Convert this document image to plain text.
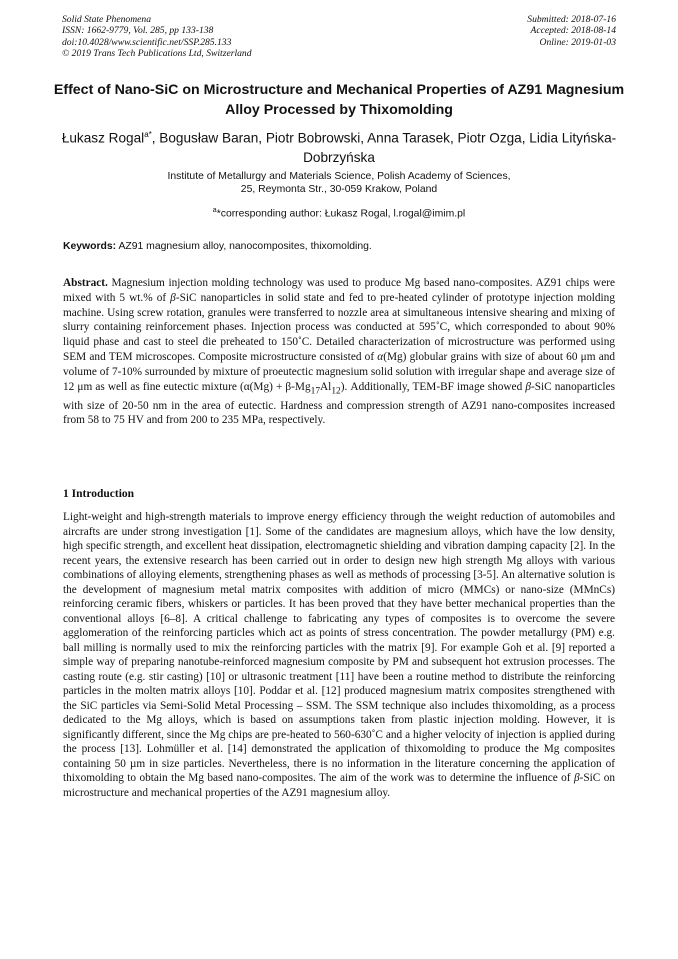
Solid State Phenomena
ISSN: 1662-9779, Vol. 285, pp 133-138
doi:10.4028/www.scientific.net/SSP.285.133
© 2019 Trans Tech Publications Ltd, Switzerland
Submitted: 2018-07-16
Accepted: 2018-08-14
Online: 2019-01-03
Effect of Nano-SiC on Microstructure and Mechanical Properties of AZ91 Magnesium Alloy Processed by Thixomolding
Łukasz Rogal$^{a*}$, Bogusław Baran, Piotr Bobrowski, Anna Tarasek, Piotr Ozga, Lidia Lityńska-Dobrzyńska
Institute of Metallurgy and Materials Science, Polish Academy of Sciences,
25, Reymonta Str., 30-059 Krakow, Poland
$^a$*corresponding author: Łukasz Rogal, l.rogal@imim.pl
Keywords: AZ91 magnesium alloy, nanocomposites, thixomolding.
Abstract. Magnesium injection molding technology was used to produce Mg based nano-composites. AZ91 chips were mixed with 5 wt.% of β-SiC nanoparticles in solid state and fed to pre-heated cylinder of prototype injection molding machine. Using screw rotation, granules were transferred to nozzle area at simultaneous intensive shearing and mixing of slurry containing reinforcement phases. Injection process was conducted at 595˚C, which corresponded to about 90% liquid phase and cast to steel die preheated to 150˚C. Detailed characterization of microstructure was performed using SEM and TEM microscopes. Composite microstructure consisted of α(Mg) globular grains with size of about 60 μm and volume of 7-10% surrounded by mixture of proeutectic magnesium solid solution with irregular shape and average size of 12 μm as well as fine eutectic mixture $(\alpha(Mg) + \beta-Mg_{17}Al_{12})$. Additionally, TEM-BF image showed β-SiC nanoparticles with size of 20-50 nm in the area of eutectic. Hardness and compression strength of AZ91 nano-composites increased from 58 to 75 HV and from 200 to 235 MPa, respectively.
1 Introduction
Light-weight and high-strength materials to improve energy efficiency through the weight reduction of automobiles and aircrafts are under strong investigation [1]. Some of the candidates are magnesium alloys, which have the low density, high specific strength, and excellent heat dissipation, electromagnetic shielding and vibration damping capacity [2]. In the recent years, the extensive research has been carried out in order to design new high strength Mg alloys with various combinations of alloying elements, strengthening phases as well as methods of processing [3-5]. An alternative solution is the development of magnesium metal matrix composites with addition of micro (MMCs) or nano-size (MMnCs) reinforcing ceramic fibers, whiskers or particles. It has been proved that they have better mechanical properties than the conventional alloys [6–8]. A critical challenge to fabricating any types of composites is to overcome the severe agglomeration of the reinforcing particles which act as points of stress concentration. The powder metallurgy (PM) e.g. ball milling is normally used to mix the reinforcing particles with the matrix [9]. For example Goh et al. [9] reported a simple way of preparing nanotube-reinforced magnesium composite by PM and subsequent hot extrusion processes. The casting route (e.g. stir casting) [10] or ultrasonic treatment [11] have been a routine method to distribute the reinforcing particles in the molten matrix alloys [10]. Poddar et al. [12] produced magnesium matrix composites strengthened with the SiC particles via Semi-Solid Metal Processing – SSM. The SSM technique also includes thixomolding, as a process dedicated to the Mg alloys, which is based on assumptions taken from plastic injection molding. However, it is significantly different, since the Mg chips are pre-heated to 560-630˚C and a higher velocity of injection is applied during the process [13]. Lohmüller et al. [14] demonstrated the application of thixomolding to produce the Mg composites containing 50 µm in size particles. Nevertheless, there is no information in the literature concerning the application of thixomolding to obtain the Mg based nano-composites. The aim of the work was to determine the influence of β-SiC on microstructure and mechanical properties of the AZ91 magnesium alloy.
